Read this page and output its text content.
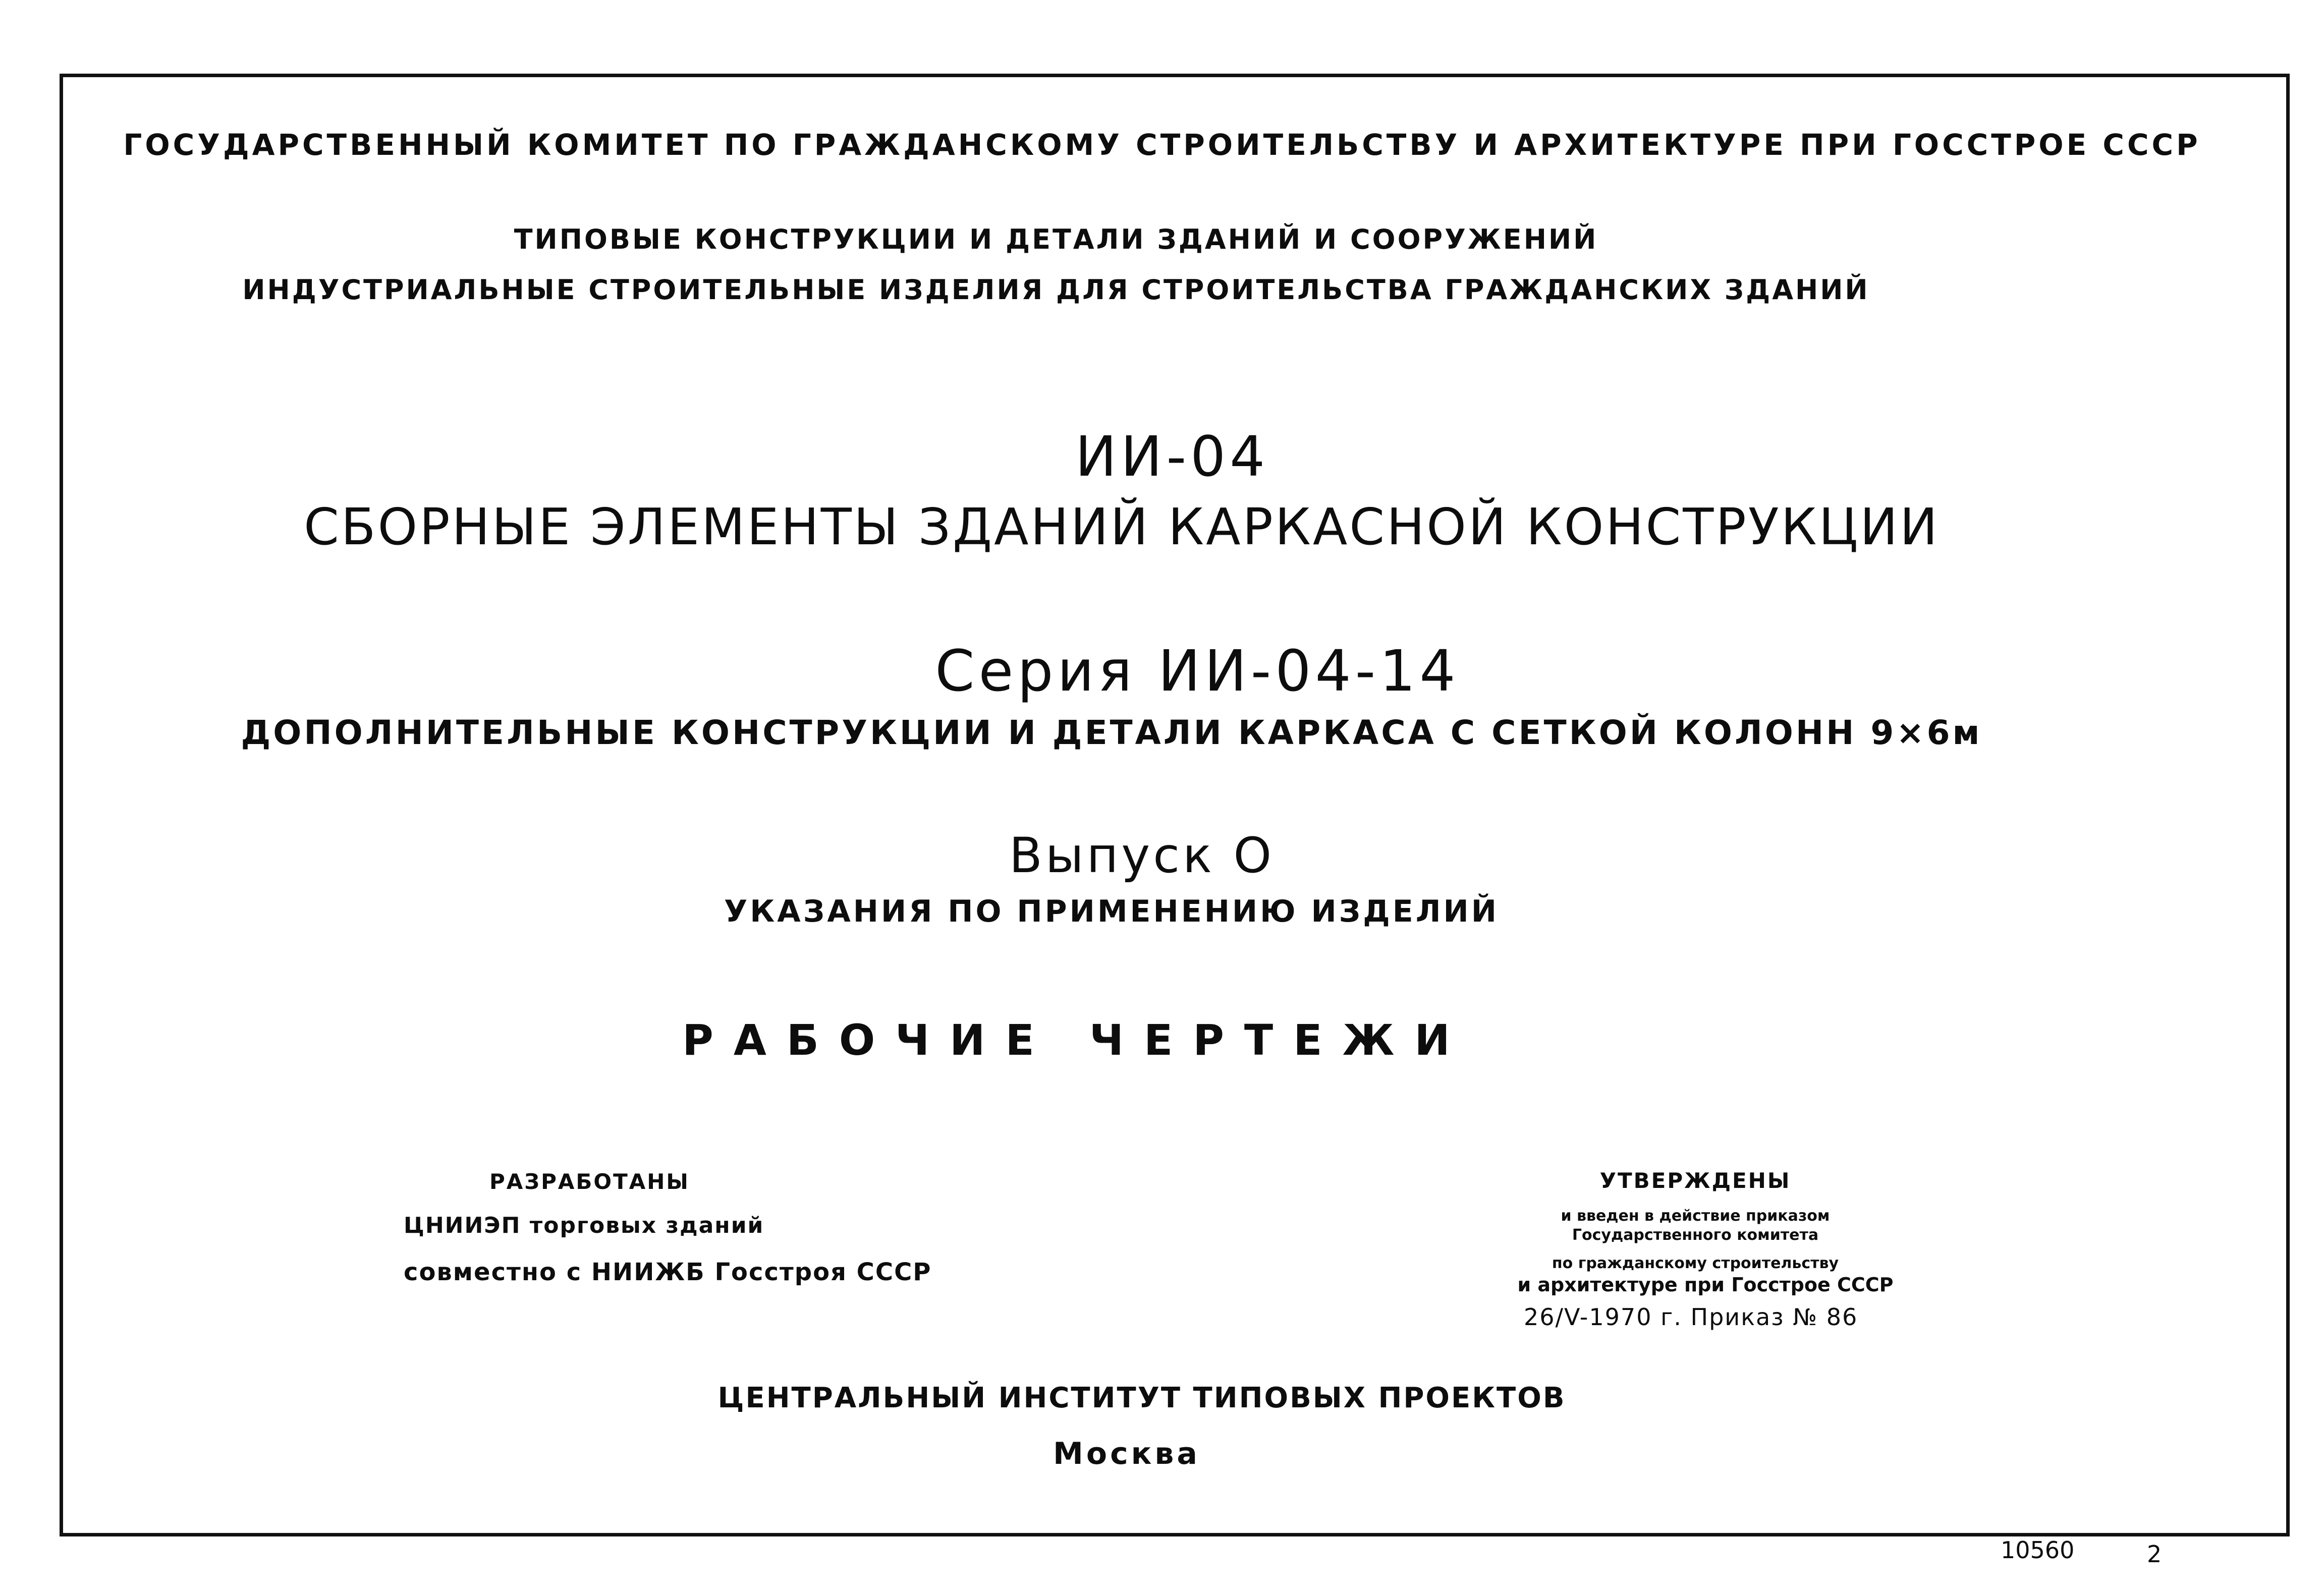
ГОСУДАРСТВЕННЫЙ КОМИТЕТ ПО ГРАЖДАНСКОМУ СТРОИТЕЛЬСТВУ И АРХИТЕКТУРЕ ПРИ ГОССТРОЕ СССР
ТИПОВЫЕ КОНСТРУКЦИИ И ДЕТАЛИ ЗДАНИЙ И СООРУЖЕНИЙ
ИНДУСТРИАЛЬНЫЕ СТРОИТЕЛЬНЫЕ ИЗДЕЛИЯ ДЛЯ СТРОИТЕЛЬСТВА ГРАЖДАНСКИХ ЗДАНИЙ
ИИ-04
СБОРНЫЕ ЭЛЕМЕНТЫ ЗДАНИЙ КАРКАСНОЙ КОНСТРУКЦИИ
Серия ИИ-04-14
ДОПОЛНИТЕЛЬНЫЕ КОНСТРУКЦИИ И ДЕТАЛИ КАРКАСА С СЕТКОЙ КОЛОНН 9×6м
Выпуск О
УКАЗАНИЯ ПО ПРИМЕНЕНИЮ ИЗДЕЛИЙ
РАБОЧИЕ ЧЕРТЕЖИ
РАЗРАБОТАНЫ
ЦНИИЭП торговых зданий
совместно с НИИЖБ Госстроя СССР
УТВЕРЖДЕНЫ
и введен в действие приказом
Государственного комитета
по гражданскому строительству
и архитектуре при Госстрое СССР
26/V-1970 г. Приказ № 86
ЦЕНТРАЛЬНЫЙ ИНСТИТУТ ТИПОВЫХ ПРОЕКТОВ
Москва
10560	2
